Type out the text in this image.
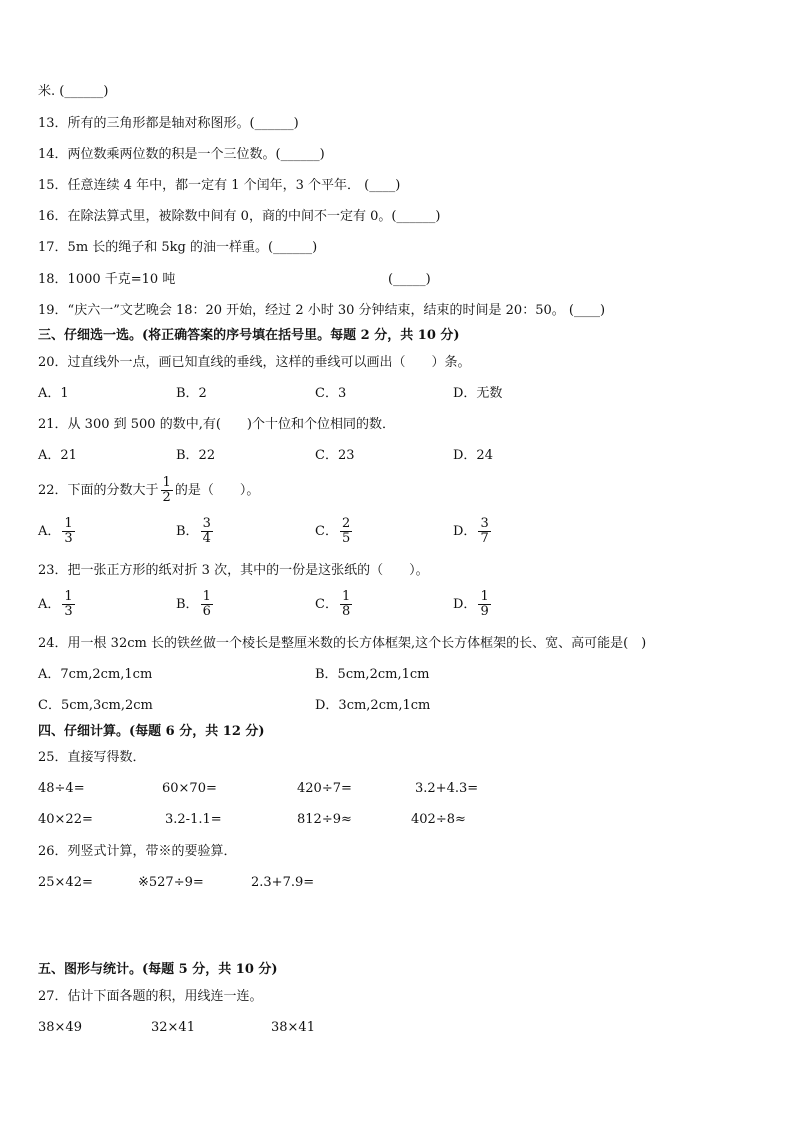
米. (______)
13．所有的三角形都是轴对称图形。(______)
14．两位数乘两位数的积是一个三位数。(______)
15．任意连续 4 年中，都一定有 1 个闰年，3 个平年． (____)
16．在除法算式里，被除数中间有 0，商的中间不一定有 0。(______)
17．5m 长的绳子和 5kg 的油一样重。(______)
18．1000 千克=10 吨	(_____)
19．“庆六一”文艺晚会 18：20 开始，经过 2 小时 30 分钟结束，结束的时间是 20：50。 (____)
三、仔细选一选。(将正确答案的序号填在括号里。每题 2 分，共 10 分)
20．过直线外一点，画已知直线的垂线，这样的垂线可以画出（　　）条。
A．1	B．2	C．3	D．无数
21．从 300 到 500 的数中,有(　　)个十位和个位相同的数．
A．21	B．22	C．23	D．24
22．下面的分数大于 $\frac{1}{2}$ 的是（　　）。
A． $\frac{1}{3}$	B． $\frac{3}{4}$	C． $\frac{2}{5}$	D． $\frac{3}{7}$
23．把一张正方形的纸对折 3 次，其中的一份是这张纸的（　　）。
A． $\frac{1}{3}$	B． $\frac{1}{6}$	C． $\frac{1}{8}$	D． $\frac{1}{9}$
24．用一根 32cm 长的铁丝做一个棱长是整厘米数的长方体框架,这个长方体框架的长、宽、高可能是(　)
A．7cm,2cm,1cm	B．5cm,2cm,1cm
C．5cm,3cm,2cm	D．3cm,2cm,1cm
四、仔细计算。(每题 6 分，共 12 分)
25．直接写得数．
48÷4=	60×70=	420÷7=	3.2+4.3=
40×22=	3.2-1.1=	812÷9≈	402÷8≈
26．列竖式计算，带※的要验算．
25×42=	※527÷9=	2.3+7.9=
五、图形与统计。(每题 5 分，共 10 分)
27．估计下面各题的积，用线连一连。
38×49	32×41	38×41
